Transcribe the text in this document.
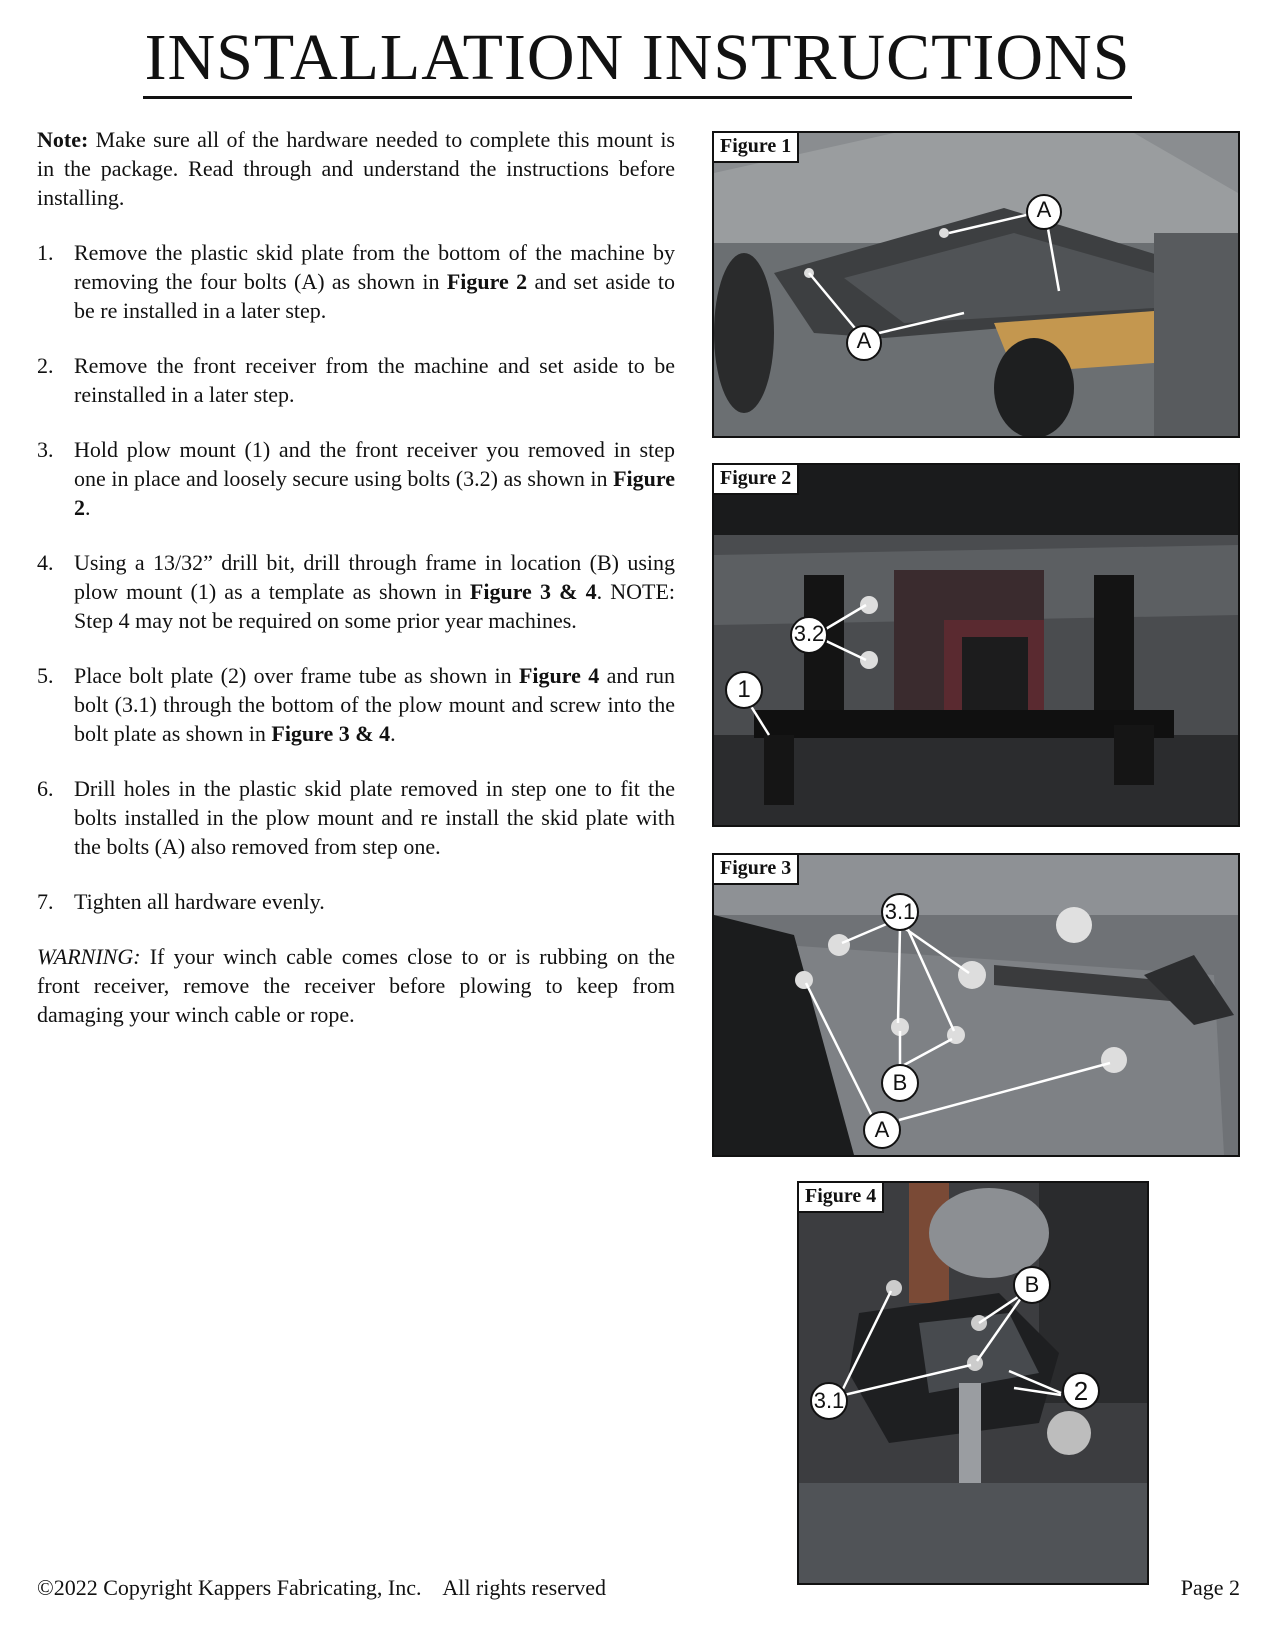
INSTALLATION INSTRUCTIONS

Note: Make sure all of the hardware needed to complete this mount is in the package. Read through and understand the instructions before installing.

1. Remove the plastic skid plate from the bottom of the machine by removing the four bolts (A) as shown in Figure 2 and set aside to be re installed in a later step.
2. Remove the front receiver from the machine and set aside to be reinstalled in a later step.
3. Hold plow mount (1) and the front receiver you removed in step one in place and loosely secure using bolts (3.2) as shown in Figure 2.
4. Using a 13/32” drill bit, drill through frame in location (B) using plow mount (1) as a template as shown in Figure 3 & 4. NOTE: Step 4 may not be required on some prior year machines.
5. Place bolt plate (2) over frame tube as shown in Figure 4 and run bolt (3.1) through the bottom of the plow mount and screw into the bolt plate as shown in Figure 3 & 4.
6. Drill holes in the plastic skid plate removed in step one to fit the bolts installed in the plow mount and re install the skid plate with the bolts (A) also removed from step one.
7. Tighten all hardware evenly.

WARNING: If your winch cable comes close to or is rubbing on the front receiver, remove the receiver before plowing to keep from damaging your winch cable or rope.

Figure 1
A
A
Figure 2
3.2
1
Figure 3
3.1
B
A
Figure 4
B
3.1	2
©2022 Copyright Kappers Fabricating, Inc.    All rights reserved	Page 2
